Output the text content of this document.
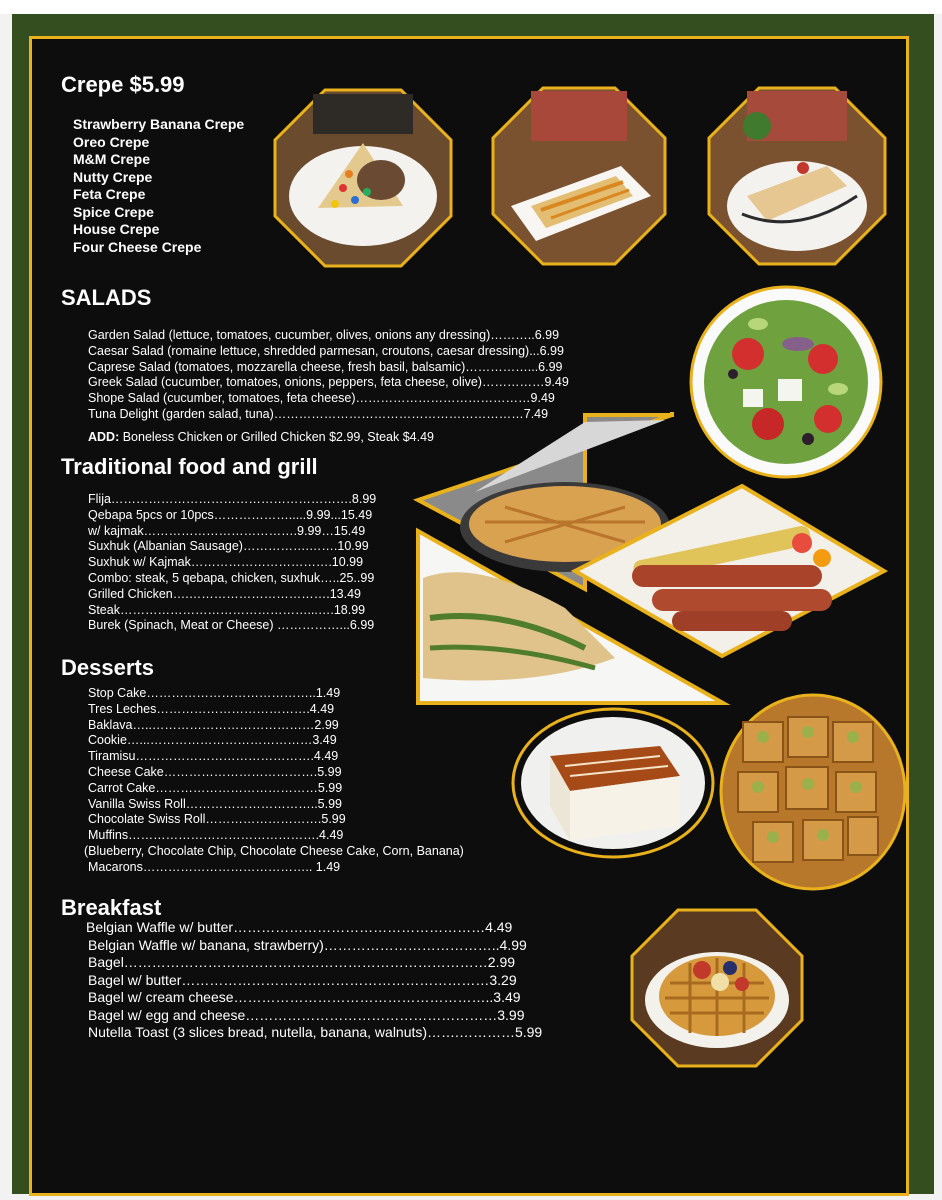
Crepe $5.99
Strawberry Banana Crepe
Oreo Crepe
M&M Crepe
Nutty Crepe
Feta Crepe
Spice Crepe
House Crepe
Four Cheese Crepe
SALADS
Garden Salad (lettuce, tomatoes, cucumber, olives, onions any dressing)………..6.99
Caesar Salad (romaine lettuce, shredded parmesan, croutons, caesar dressing)...6.99
Caprese Salad (tomatoes, mozzarella cheese, fresh basil, balsamic)……………...6.99
Greek Salad (cucumber, tomatoes, onions, peppers, feta cheese, olive)……………9.49
Shope Salad (cucumber, tomatoes, feta cheese)……………………………………9.49
Tuna Delight (garden salad, tuna)……………………………………………………7.49
ADD: Boneless Chicken or Grilled Chicken $2.99, Steak $4.49
Traditional food and grill
Flija………………………………………………….8.99
Qebapa 5pcs or 10pcs……………….....9.99...15.49
w/ kajmak……………………………….9.99…15.49
Suxhuk (Albanian Sausage)…………….…….10.99
Suxhuk w/ Kajmak…………………………….10.99
Combo: steak, 5 qebapa, chicken, suxhuk…..25..99
Grilled Chicken….…………………………….13.49
Steak………………………………………...….18.99
Burek (Spinach, Meat or Cheese) ……………...6.99
Desserts
Stop Cake…………………………………..1.49
Tres Leches……………………………….4.49
Baklava…..…………………………………2.99
Cookie…...…………………………………3.49
Tiramisu…………………………………….4.49
Cheese Cake……………………………….5.99
Carrot Cake…………………………………5.99
Vanilla Swiss Roll…………………………..5.99
Chocolate Swiss Roll……………………….5.99
Muffins……………………………………….4.49
(Blueberry, Chocolate Chip, Chocolate Cheese Cake, Corn, Banana)
Macarons………………………………….. 1.49
Breakfast
Belgian Waffle w/ butter………………………………………………4.49
Belgian Waffle w/ banana, strawberry)………………………………..4.99
Bagel……………………………………………………………………2.99
Bagel w/ butter…………………………………………………………3.29
Bagel w/ cream cheese………………………………………………..3.49
Bagel w/ egg and cheese………………………………………………3.99
Nutella Toast (3 slices bread, nutella, banana, walnuts)…….…………5.99
